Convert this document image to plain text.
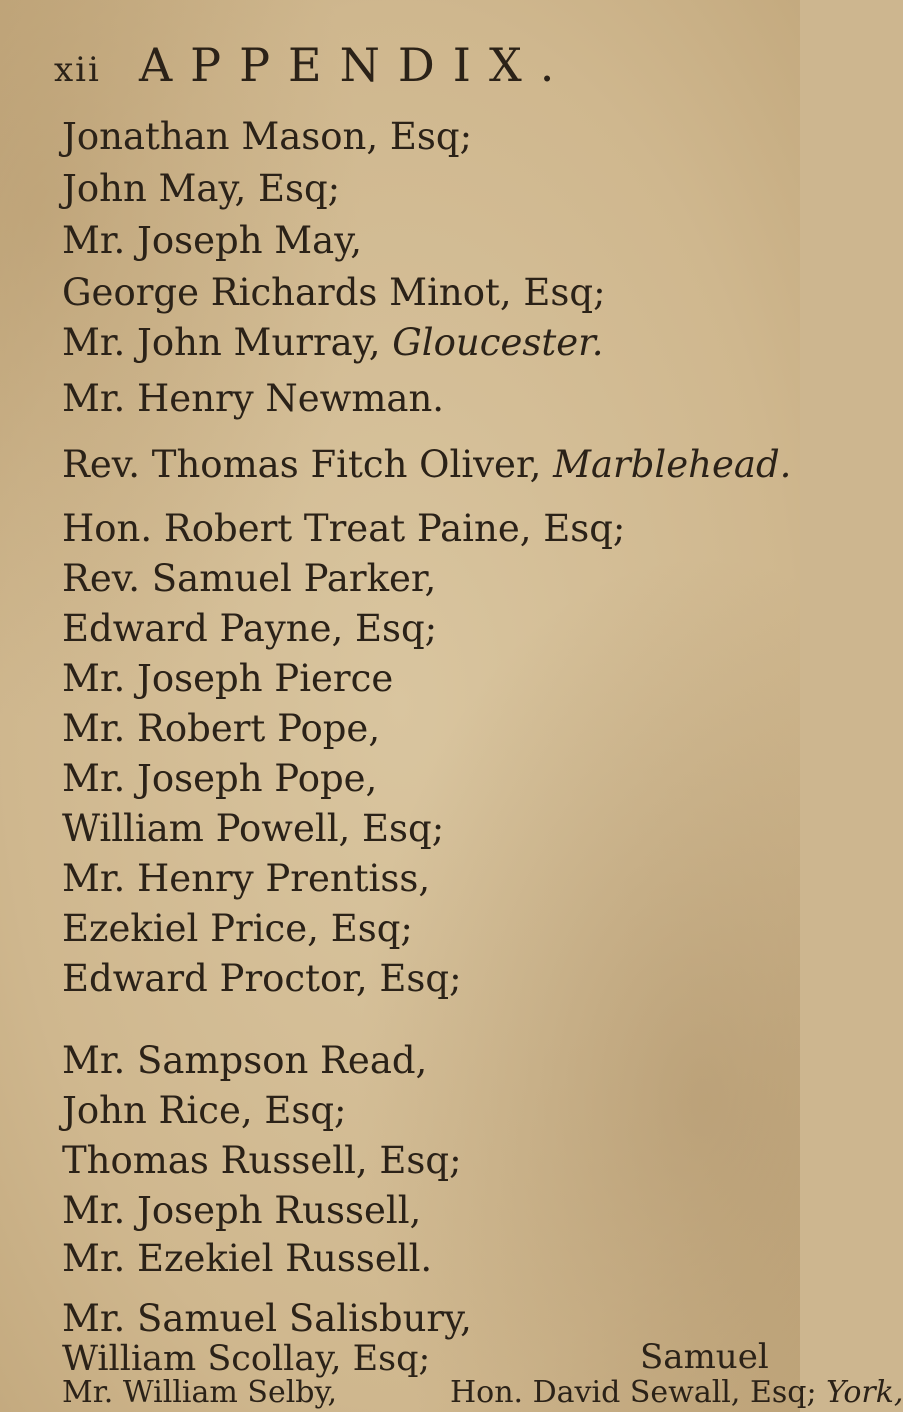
xii APPENDIX.
Jonathan Mason, Esq;
John May, Esq;
Mr. Joseph May,
George Richards Minot, Esq;
Mr. John Murray, Gloucester.
Mr. Henry Newman.
Rev. Thomas Fitch Oliver, Marblehead.
Hon. Robert Treat Paine, Esq;
Rev. Samuel Parker,
Edward Payne, Esq;
Mr. Joseph Pierce
Mr. Robert Pope,
Mr. Joseph Pope,
William Powell, Esq;
Mr. Henry Prentiss,
Ezekiel Price, Esq;
Edward Proctor, Esq;
Mr. Sampson Read,
John Rice, Esq;
Thomas Russell, Esq;
Mr. Joseph Russell,
Mr. Ezekiel Russell.
Mr. Samuel Salisbury,
William Scollay, Esq;
Mr. William Selby,	Hon. David Sewall, Esq; York,
Samuel
